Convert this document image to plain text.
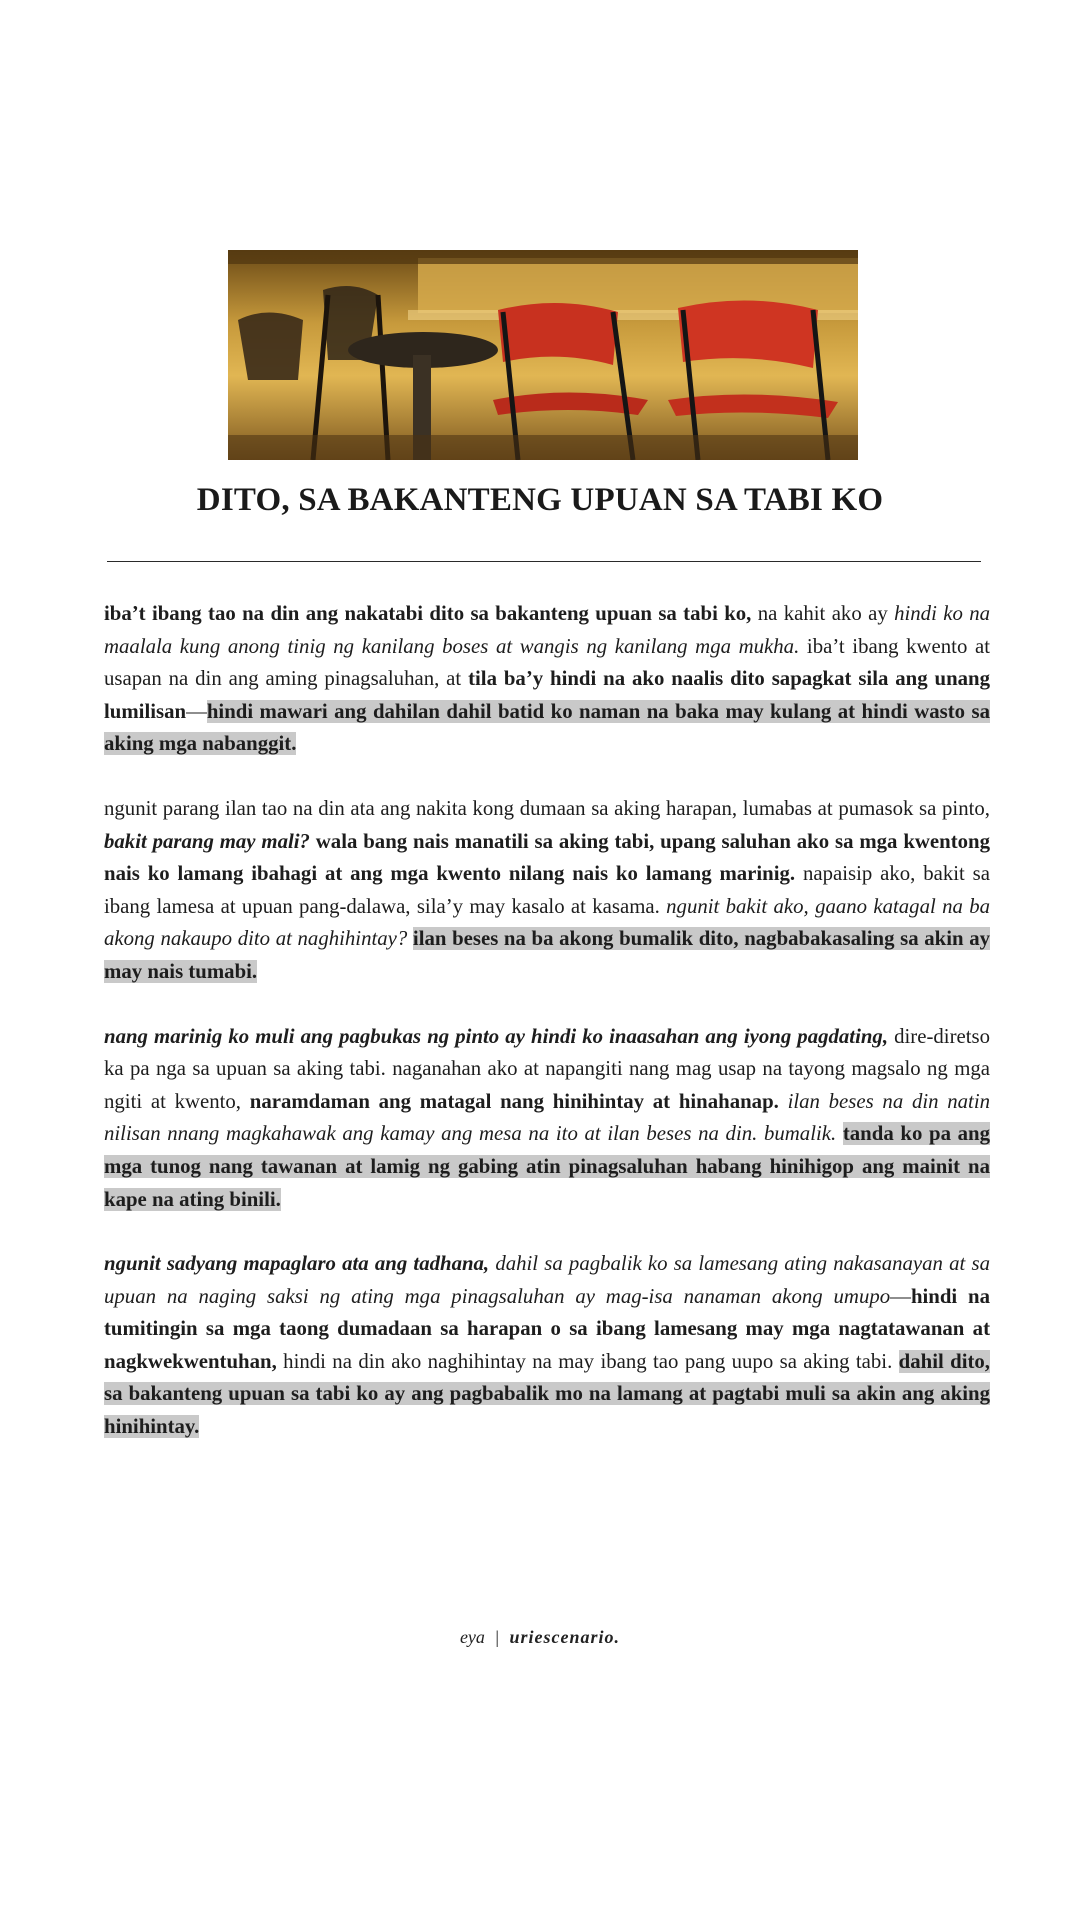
DITO, SA BAKANTENG UPUAN SA TABI KO

iba’t ibang tao na din ang nakatabi dito sa bakanteng upuan sa tabi ko, na kahit ako ay hindi ko na maalala kung anong tinig ng kanilang boses at wangis ng kanilang mga mukha. iba’t ibang kwento at usapan na din ang aming pinagsaluhan, at tila ba’y hindi na ako naalis dito sapagkat sila ang unang lumilisan—hindi mawari ang dahilan dahil batid ko naman na baka may kulang at hindi wasto sa aking mga nabanggit.

ngunit parang ilan tao na din ata ang nakita kong dumaan sa aking harapan, lumabas at pumasok sa pinto, bakit parang may mali? wala bang nais manatili sa aking tabi, upang saluhan ako sa mga kwentong nais ko lamang ibahagi at ang mga kwento nilang nais ko lamang marinig. napaisip ako, bakit sa ibang lamesa at upuan pang-dalawa, sila’y may kasalo at kasama. ngunit bakit ako, gaano katagal na ba akong nakaupo dito at naghihintay? ilan beses na ba akong bumalik dito, nagbabakasaling sa akin ay may nais tumabi.

nang marinig ko muli ang pagbukas ng pinto ay hindi ko inaasahan ang iyong pagdating, dire-diretso ka pa nga sa upuan sa aking tabi. naganahan ako at napangiti nang mag usap na tayong magsalo ng mga ngiti at kwento, naramdaman ang matagal nang hinihintay at hinahanap. ilan beses na din natin nilisan nnang magkahawak ang kamay ang mesa na ito at ilan beses na din. bumalik. tanda ko pa ang mga tunog nang tawanan at lamig ng gabing atin pinagsaluhan habang hinihigop ang mainit na kape na ating binili.

ngunit sadyang mapaglaro ata ang tadhana, dahil sa pagbalik ko sa lamesang ating nakasanayan at sa upuan na naging saksi ng ating mga pinagsaluhan ay mag-isa nanaman akong umupo—hindi na tumitingin sa mga taong dumadaan sa harapan o sa ibang lamesang may mga nagtatawanan at nagkwekwentuhan, hindi na din ako naghihintay na may ibang tao pang uupo sa aking tabi. dahil dito, sa bakanteng upuan sa tabi ko ay ang pagbabalik mo na lamang at pagtabi muli sa akin ang aking hinihintay.

eya | uriescenario.
